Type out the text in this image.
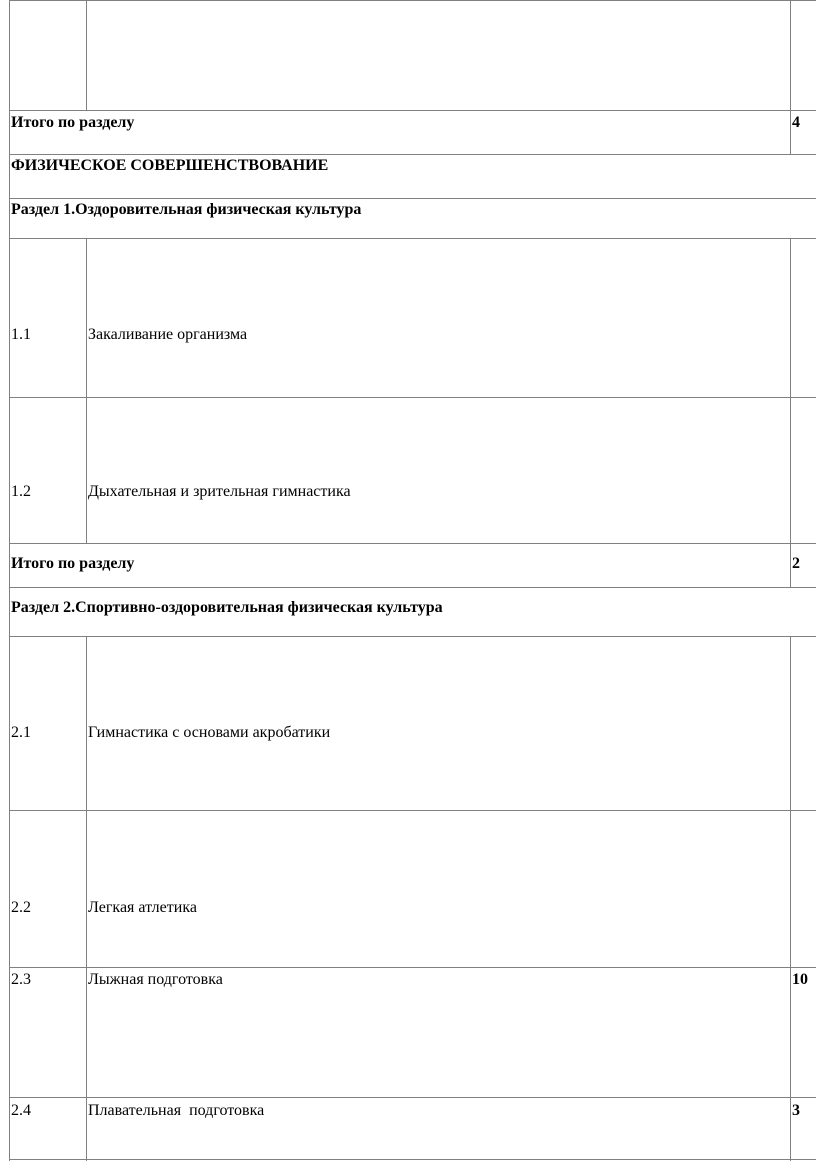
Итого по разделу	4
ФИЗИЧЕСКОЕ СОВЕРШЕНСТВОВАНИЕ
Раздел 1.Оздоровительная физическая культура
1.1	Закаливание организма
1.2	Дыхательная и зрительная гимнастика
Итого по разделу	2
Раздел 2.Спортивно-оздоровительная физическая культура
2.1	Гимнастика с основами акробатики
2.2	Легкая атлетика
2.3	Лыжная подготовка	10
2.4	Плавательная  подготовка	3
